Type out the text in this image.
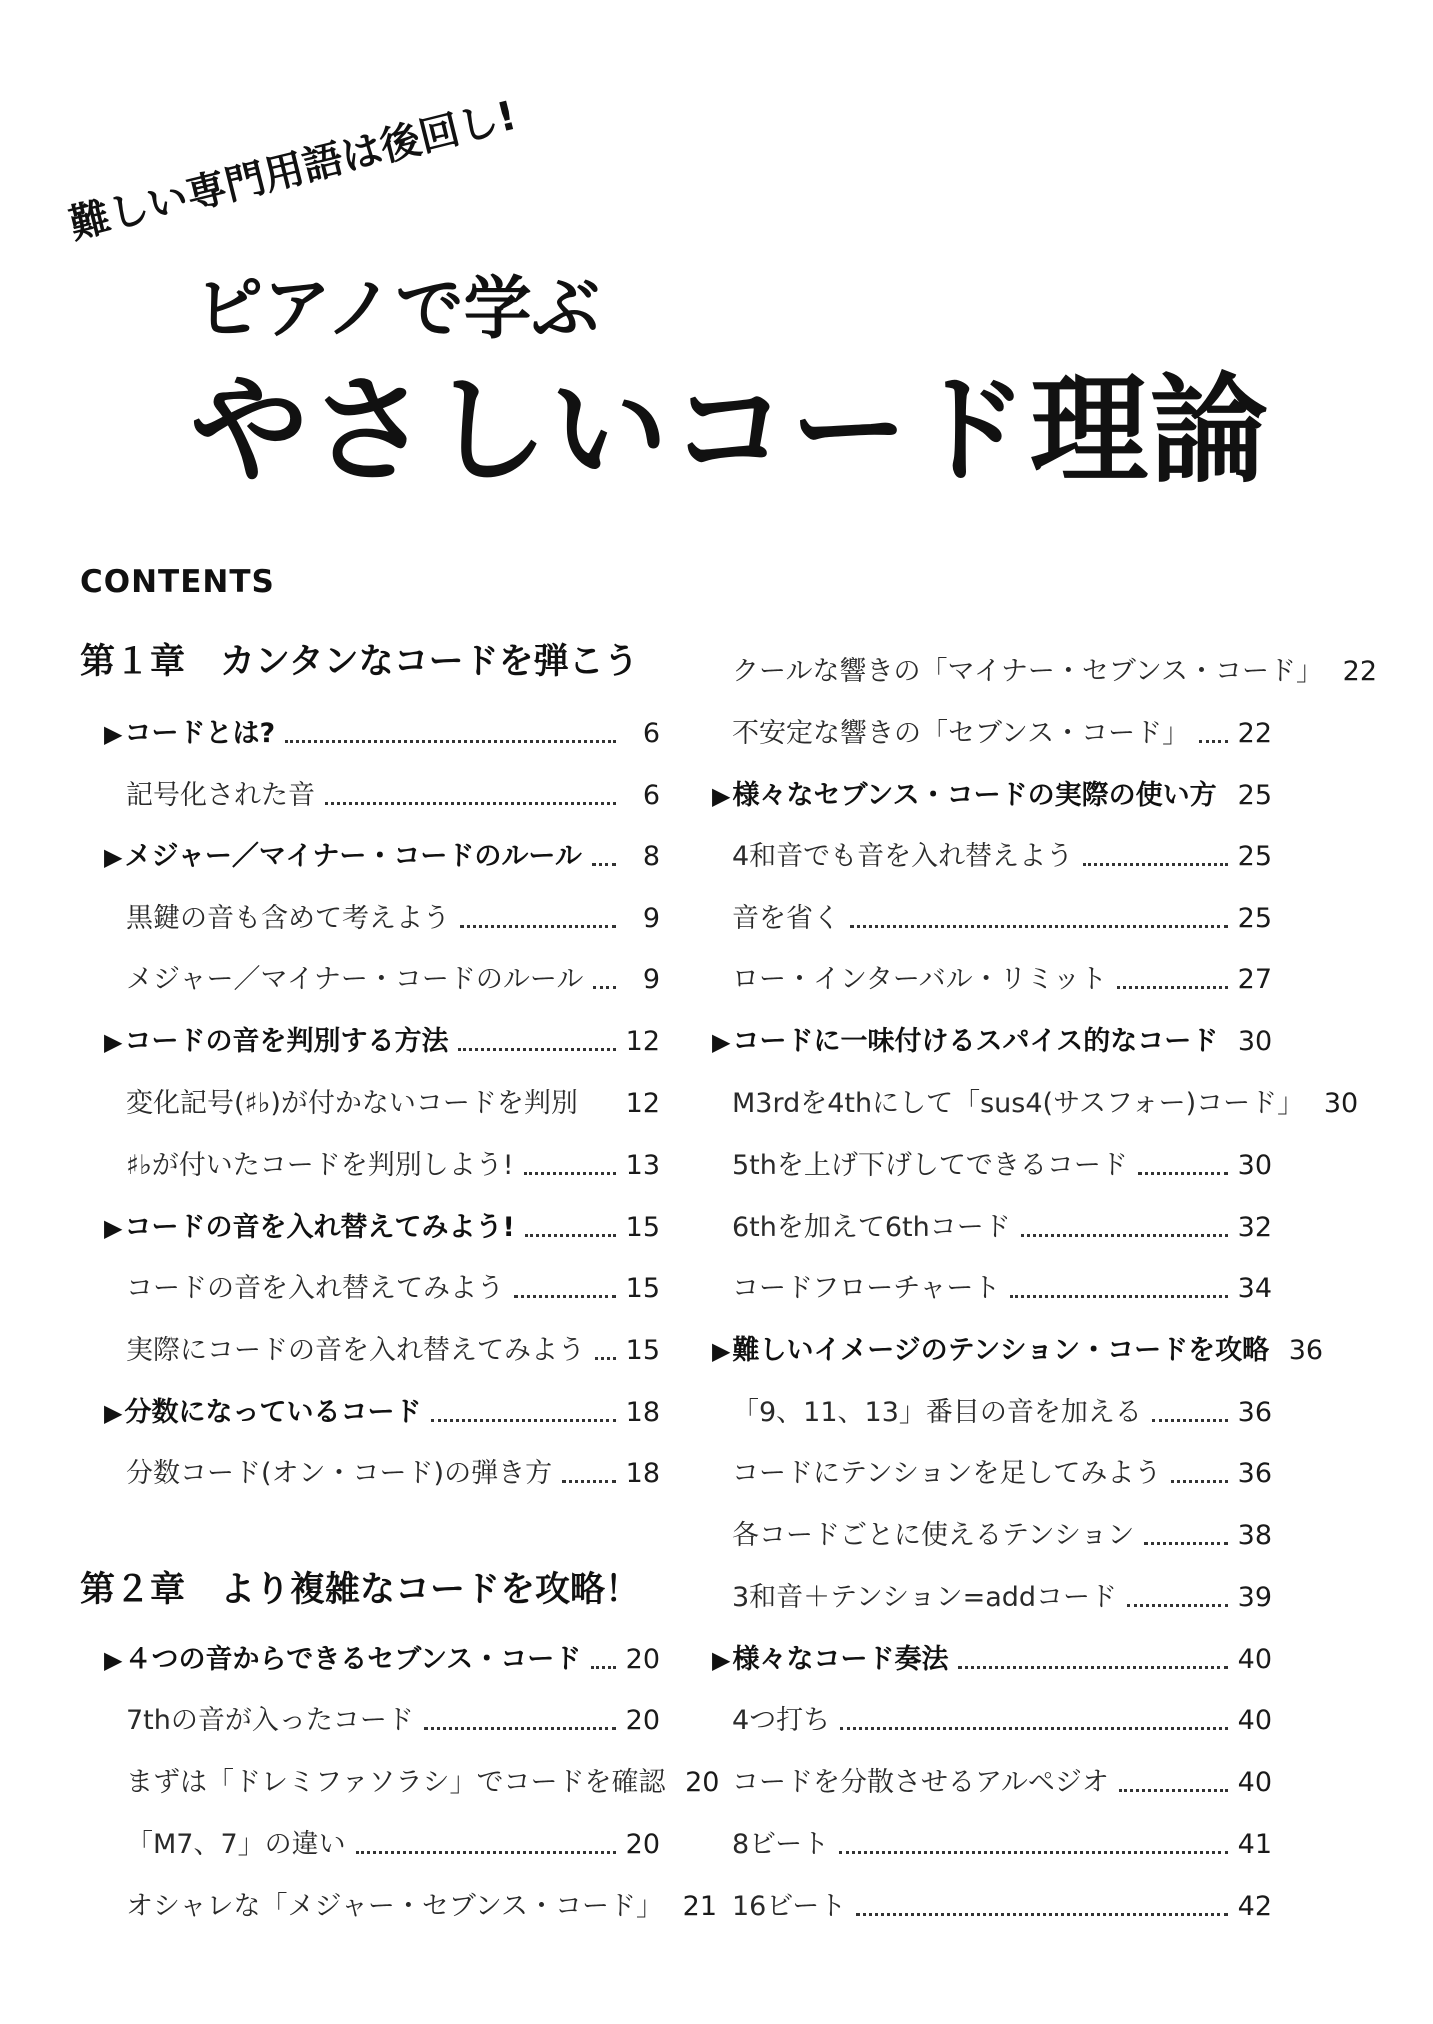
難しい専門用語は後回し!
ピアノで学ぶ
やさしいコード理論
CONTENTS
第１章　カンタンなコードを弾こう
▶ コードとは?	6
記号化された音	6
▶ メジャー／マイナー・コードのルール	8
黒鍵の音も含めて考えよう	9
メジャー／マイナー・コードのルール	9
▶ コードの音を判別する方法	12
変化記号(♯♭)が付かないコードを判別 12
♯♭が付いたコードを判別しよう!	13
▶ コードの音を入れ替えてみよう!	15
コードの音を入れ替えてみよう	15
実際にコードの音を入れ替えてみよう 15
▶ 分数になっているコード	18
分数コード(オン・コード)の弾き方	18
第２章　より複雑なコードを攻略！
▶ ４つの音からできるセブンス・コード 20
7thの音が入ったコード	20
まずは「ドレミファソラシ」でコードを確認 20
「M7、7」の違い	20
オシャレな「メジャー・セブンス・コード」 21
クールな響きの「マイナー・セブンス・コード」 22
不安定な響きの「セブンス・コード」 22
▶ 様々なセブンス・コードの実際の使い方 25
4和音でも音を入れ替えよう	25
音を省く	25
ロー・インターバル・リミット	27
▶ コードに一味付けるスパイス的なコード 30
M3rdを4thにして「sus4(サスフォー)コード」 30
5thを上げ下げしてできるコード	30
6thを加えて6thコード	32
コードフローチャート	34
▶ 難しいイメージのテンション・コードを攻略 36
「9、11、13」番目の音を加える	36
コードにテンションを足してみよう	36
各コードごとに使えるテンション	38
3和音＋テンション=addコード	39
▶ 様々なコード奏法	40
4つ打ち	40
コードを分散させるアルペジオ	40
8ビート	41
16ビート	42
